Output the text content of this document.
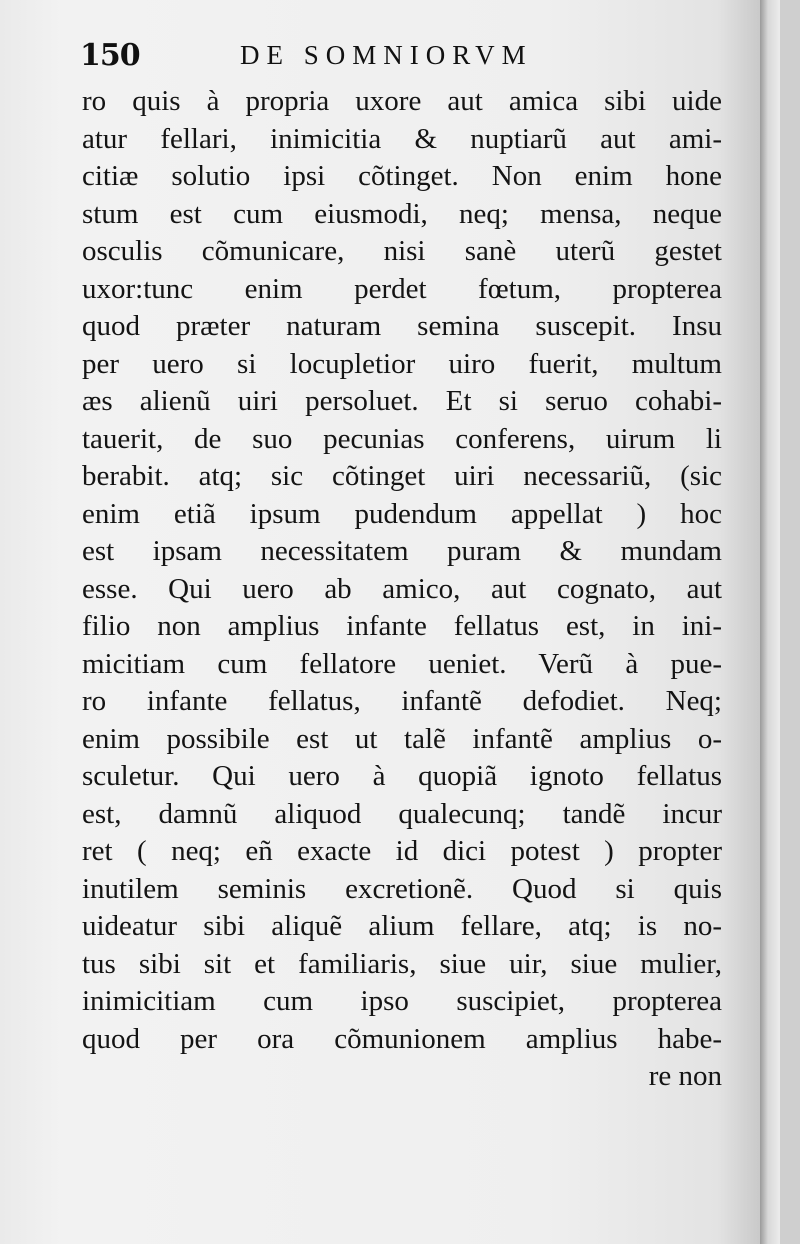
150	DE SOMNIORVM
ro quis à propria uxore aut amica sibi uide
atur fellari, inimicitia & nuptiarũ aut ami-
citiæ solutio ipsi cõtinget. Non enim hone
stum est cum eiusmodi, neq; mensa, neque
osculis cõmunicare, nisi sanè uterũ gestet
uxor:tunc enim perdet fœtum, propterea
quod præter naturam semina suscepit. Insu
per uero si locupletior uiro fuerit, multum
æs alienũ uiri persoluet. Et si seruo cohabi-
tauerit, de suo pecunias conferens, uirum li
berabit. atq; sic cõtinget uiri necessariũ, (sic
enim etiã ipsum pudendum appellat ) hoc
est ipsam necessitatem puram & mundam
esse. Qui uero ab amico, aut cognato, aut
filio non amplius infante fellatus est, in ini-
micitiam cum fellatore ueniet. Verũ à pue-
ro infante fellatus, infantẽ defodiet. Neq;
enim possibile est ut talẽ infantẽ amplius o-
sculetur. Qui uero à quopiã ignoto fellatus
est, damnũ aliquod qualecunq; tandẽ incur
ret ( neq; eñ exacte id dici potest ) propter
inutilem seminis excretionẽ. Quod si quis
uideatur sibi aliquẽ alium fellare, atq; is no-
tus sibi sit et familiaris, siue uir, siue mulier,
inimicitiam cum ipso suscipiet, propterea
quod per ora cõmunionem amplius habe-
re non
